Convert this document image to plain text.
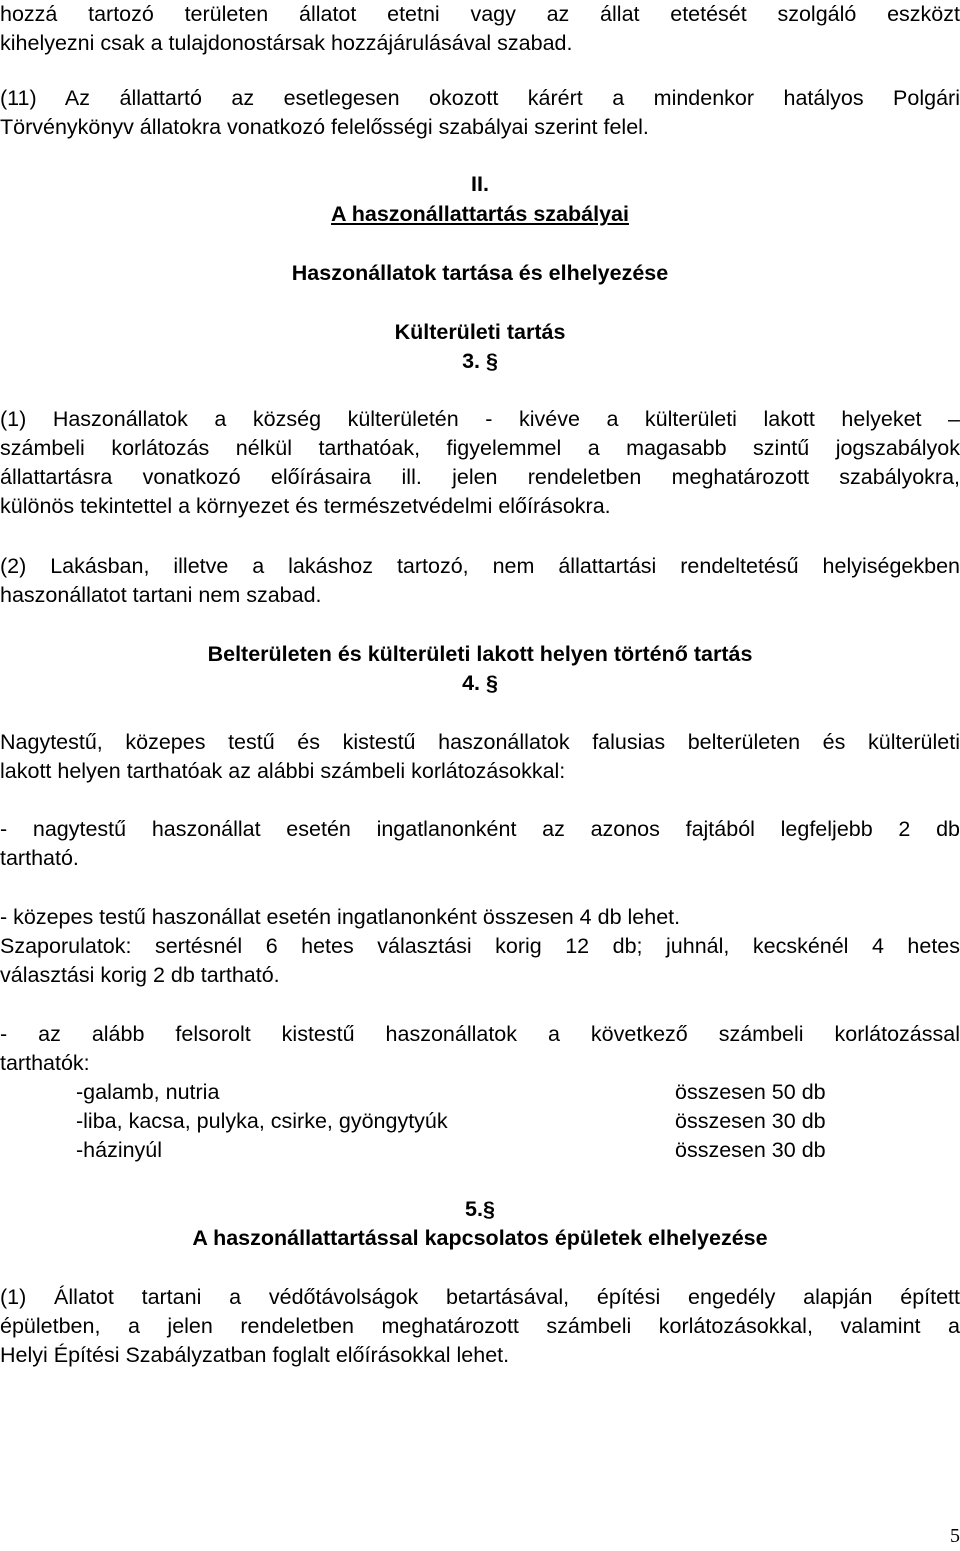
hozzá tartozó területen állatot etetni vagy az állat etetését szolgáló eszközt
kihelyezni csak a tulajdonostársak hozzájárulásával szabad.
(11) Az állattartó az esetlegesen okozott kárért a mindenkor hatályos Polgári
Törvénykönyv állatokra vonatkozó felelősségi szabályai szerint felel.
II.
A haszonállattartás szabályai
Haszonállatok tartása és elhelyezése
Külterületi tartás
3. §
(1) Haszonállatok a község külterületén - kivéve a külterületi lakott helyeket –
számbeli korlátozás nélkül tarthatóak, figyelemmel a magasabb szintű jogszabályok
állattartásra vonatkozó előírásaira ill. jelen rendeletben meghatározott szabályokra,
különös tekintettel a környezet és természetvédelmi előírásokra.
(2) Lakásban, illetve a lakáshoz tartozó, nem állattartási rendeltetésű helyiségekben
haszonállatot tartani nem szabad.
Belterületen és külterületi lakott helyen történő tartás
4. §
Nagytestű, közepes testű és kistestű haszonállatok falusias belterületen és külterületi
lakott helyen tarthatóak az alábbi számbeli korlátozásokkal:
- nagytestű haszonállat esetén ingatlanonként az azonos fajtából legfeljebb 2 db
tartható.
- közepes testű haszonállat esetén ingatlanonként összesen 4 db lehet.
Szaporulatok: sertésnél 6 hetes választási korig 12 db; juhnál, kecskénél 4 hetes
választási korig 2 db tartható.
- az alább felsorolt kistestű haszonállatok a következő számbeli korlátozással
tarthatók:
-galamb, nutria	összesen 50 db
-liba, kacsa, pulyka, csirke, gyöngytyúk	összesen 30 db
-házinyúl	összesen 30 db
5.§
A haszonállattartással kapcsolatos épületek elhelyezése
(1) Állatot tartani a védőtávolságok betartásával, építési engedély alapján épített
épületben, a jelen rendeletben meghatározott számbeli korlátozásokkal, valamint a
Helyi Építési Szabályzatban foglalt előírásokkal lehet.
5
